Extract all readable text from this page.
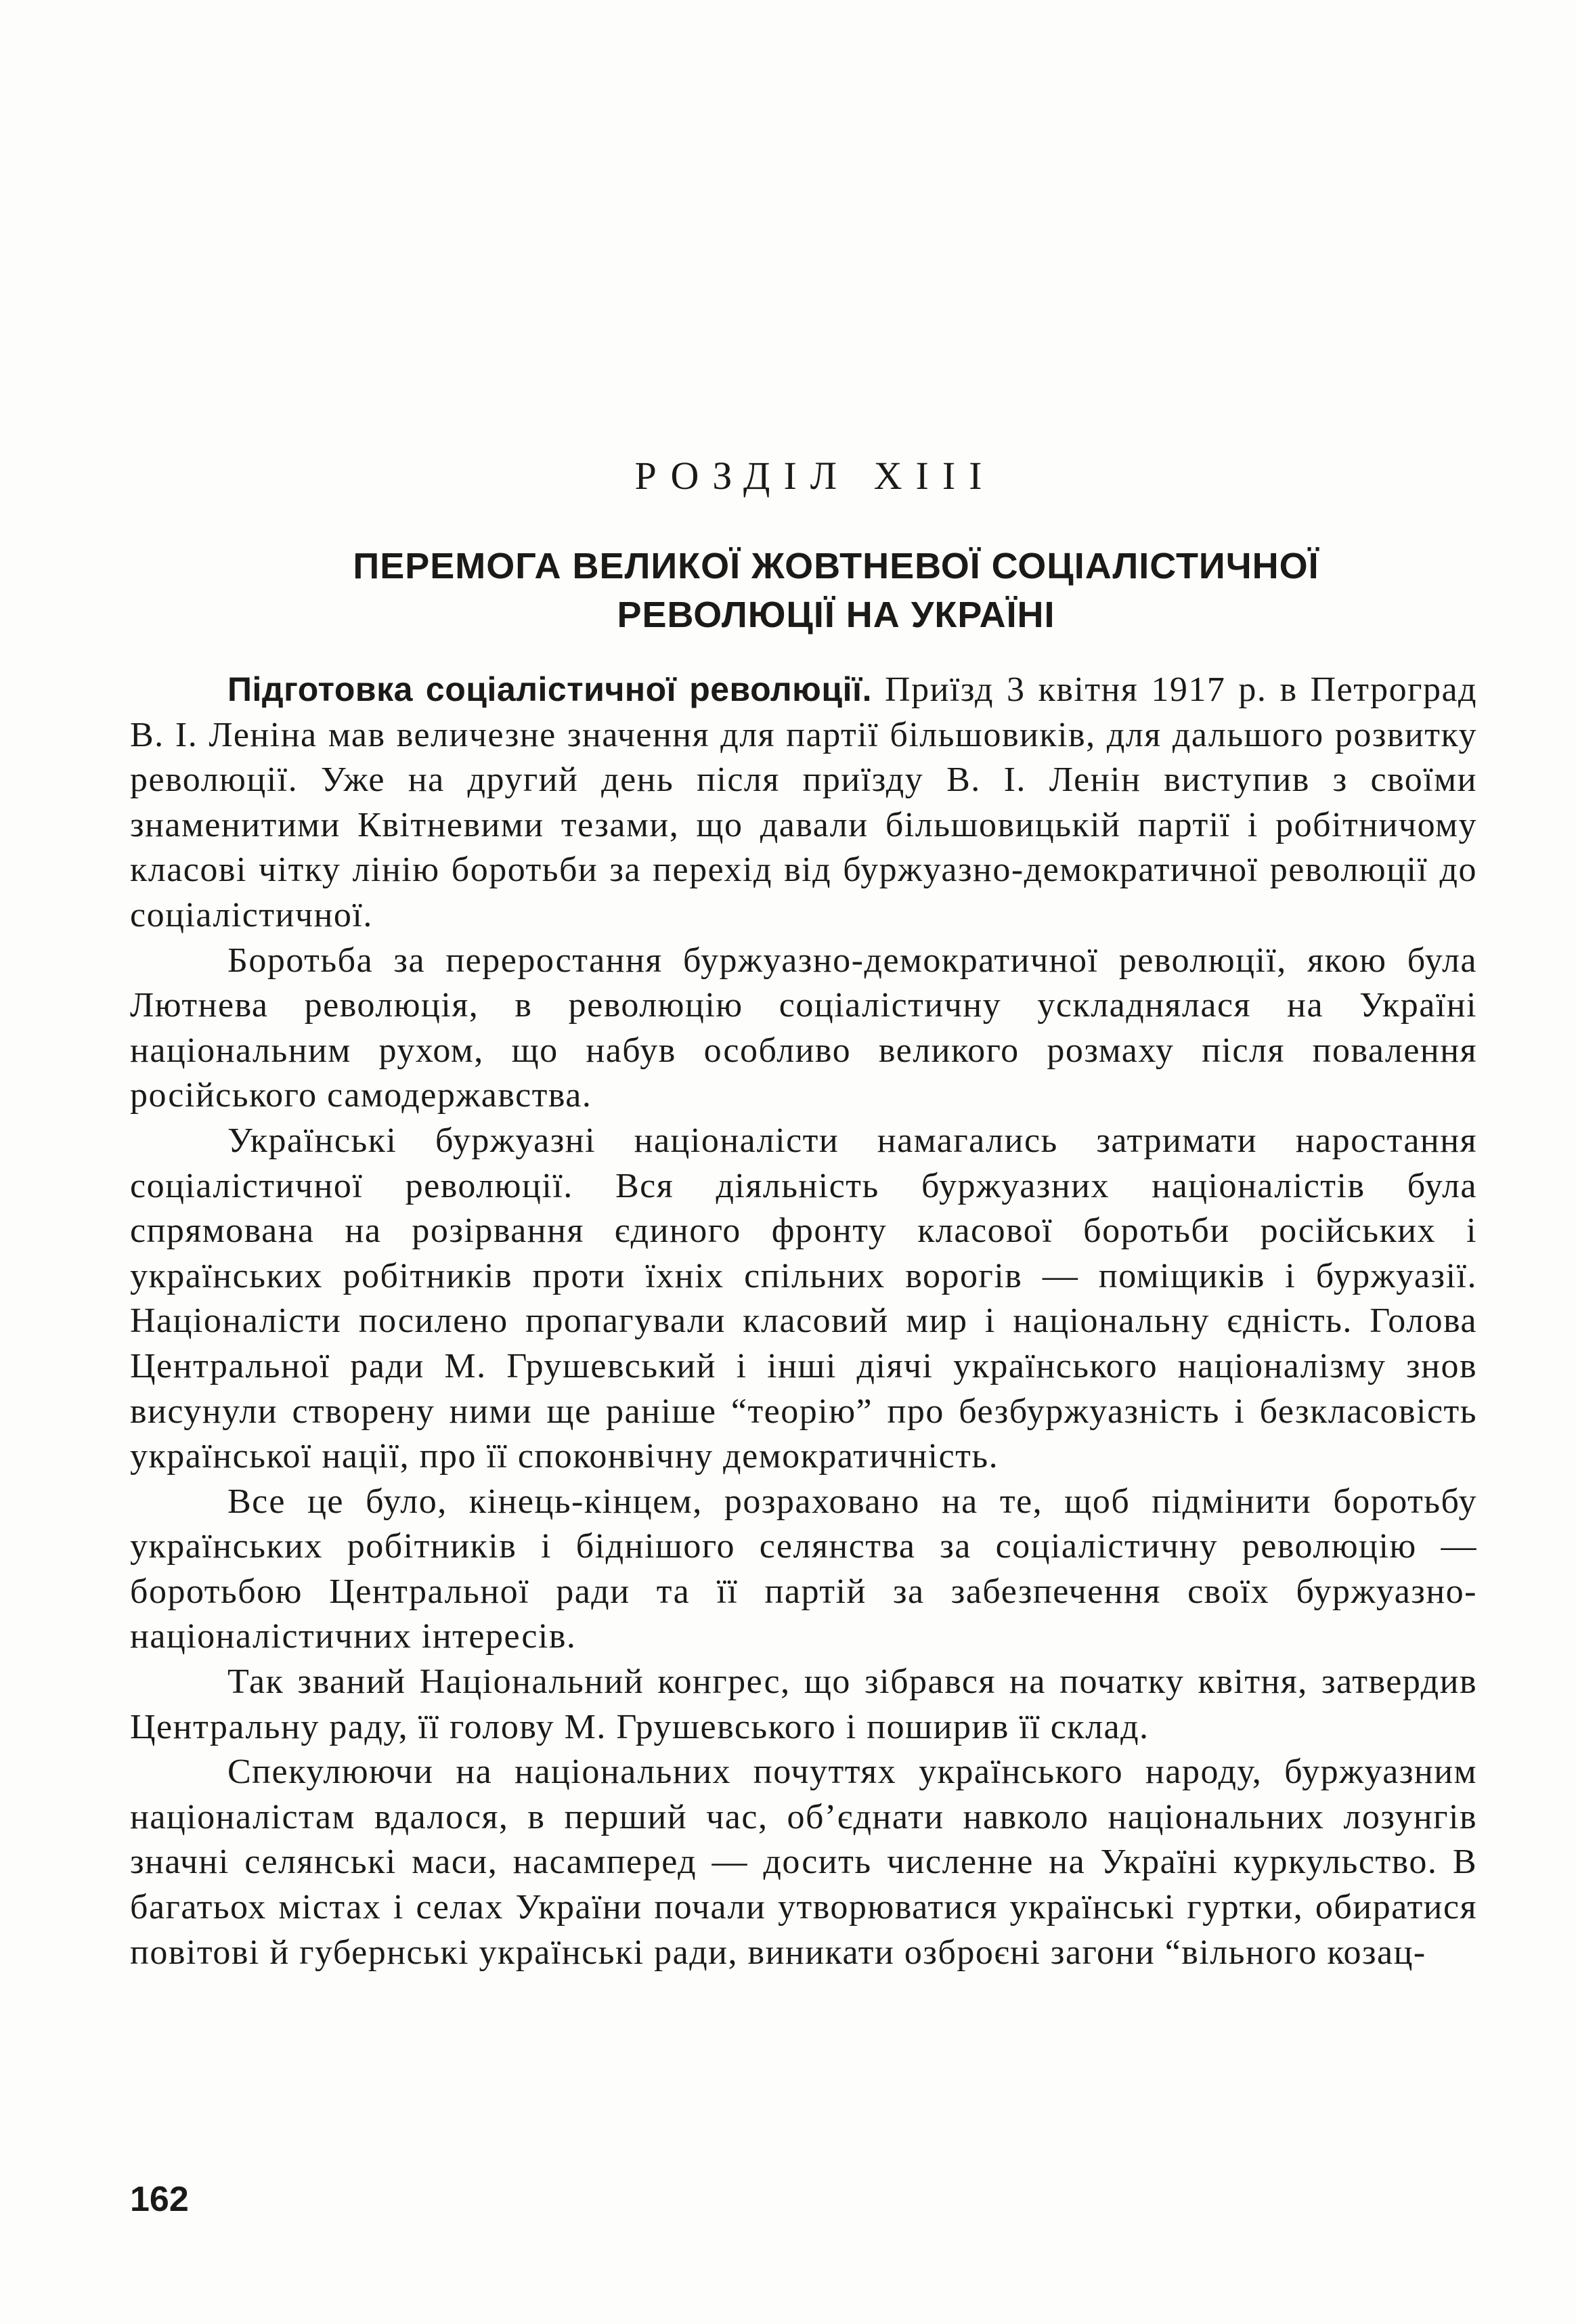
РОЗДІЛ XIII
ПЕРЕМОГА ВЕЛИКОЇ ЖОВТНЕВОЇ СОЦІАЛІСТИЧНОЇ
РЕВОЛЮЦІЇ НА УКРАЇНІ

Підготовка соціалістичної революції. Приїзд 3 квітня 1917 р. в Петроград В. І. Леніна мав величезне значення для партії більшовиків, для дальшого розвитку революції. Уже на другий день після приїзду В. І. Ленін виступив з своїми знаменитими Квітневими тезами, що давали більшовицькій партії і робітничому класові чітку лінію боротьби за перехід від буржуазно-демократичної революції до соціалістичної.

Боротьба за переростання буржуазно-демократичної революції, якою була Лютнева революція, в революцію соціалістичну ускладнялася на Україні національним рухом, що набув особливо великого розмаху після повалення російського самодержавства.

Українські буржуазні націоналісти намагались затримати наростання соціалістичної революції. Вся діяльність буржуазних націоналістів була спрямована на розірвання єдиного фронту класової боротьби російських і українських робітників проти їхніх спільних ворогів — поміщиків і буржуазії. Націоналісти посилено пропагували класовий мир і національну єдність. Голова Центральної ради М. Грушевський і інші діячі українського націоналізму знов висунули створену ними ще раніше “теорію” про безбуржуазність і безкласовість української нації, про її споконвічну демократичність.

Все це було, кінець-кінцем, розраховано на те, щоб підмінити боротьбу українських робітників і біднішого селянства за соціалістичну революцію — боротьбою Центральної ради та її партій за забезпечення своїх буржуазно-націоналістичних інтересів.

Так званий Національний конгрес, що зібрався на початку квітня, затвердив Центральну раду, її голову М. Грушевського і поширив її склад.

Спекулюючи на національних почуттях українського народу, буржуазним націоналістам вдалося, в перший час, об’єднати навколо національних лозунгів значні селянські маси, насамперед — досить численне на Україні куркульство. В багатьох містах і селах України почали утворюватися українські гуртки, обиратися повітові й губернські українські ради, виникати озброєні загони “вільного козац-

162
